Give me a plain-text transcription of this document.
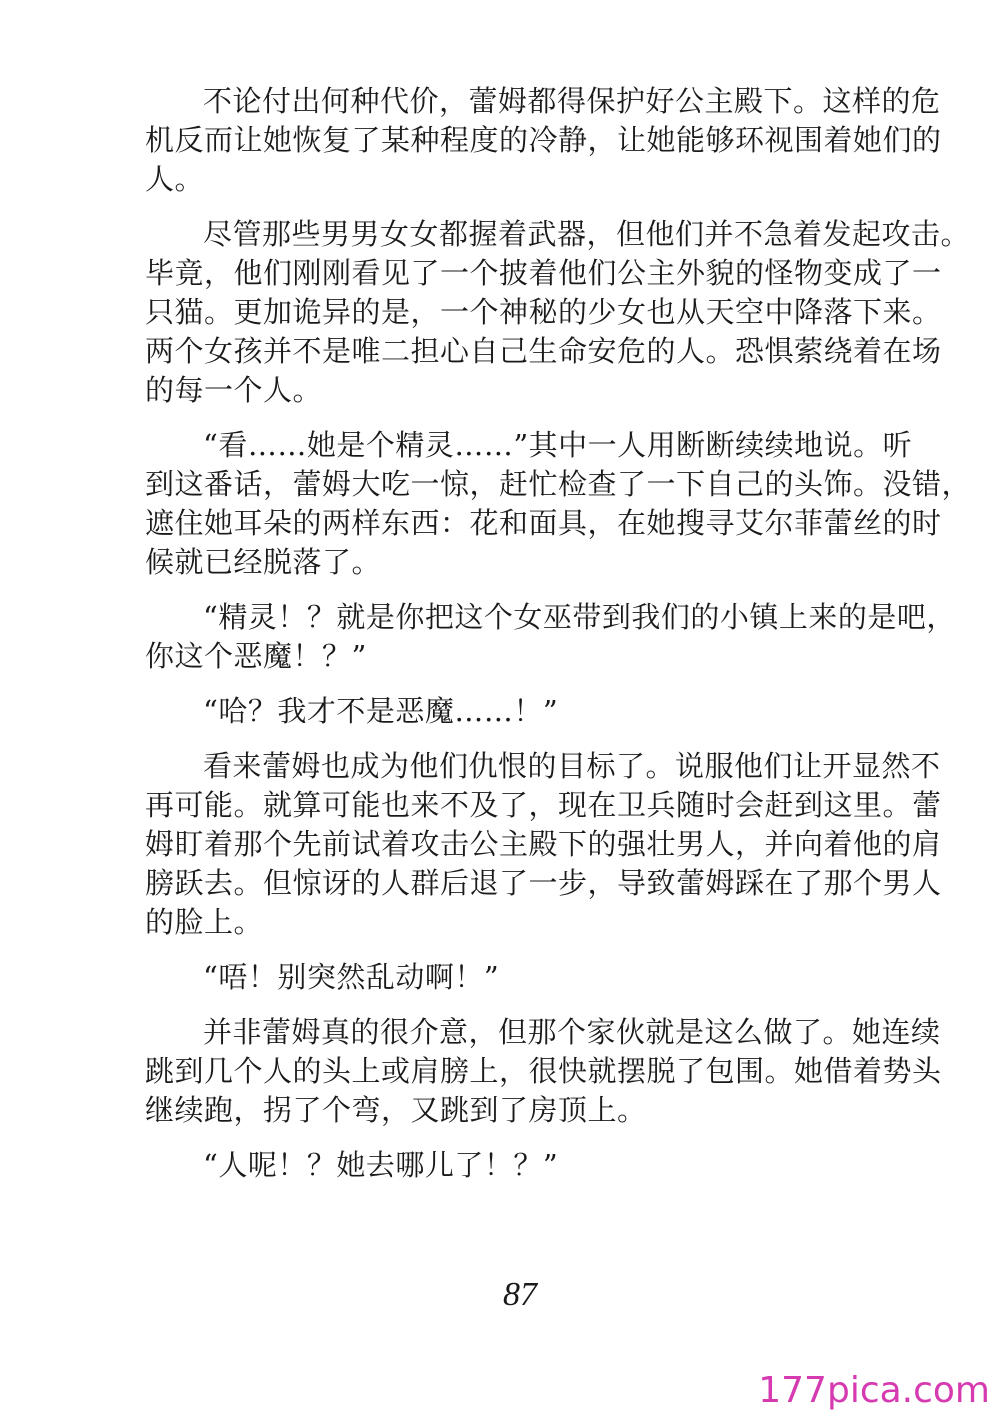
不论付出何种代价，蕾姆都得保护好公主殿下。这样的危
机反而让她恢复了某种程度的冷静，让她能够环视围着她们的
人。

尽管那些男男女女都握着武器，但他们并不急着发起攻击。
毕竟，他们刚刚看见了一个披着他们公主外貌的怪物变成了一
只猫。更加诡异的是，一个神秘的少女也从天空中降落下来。
两个女孩并不是唯二担心自己生命安危的人。恐惧萦绕着在场
的每一个人。

“看……她是个精灵……”其中一人用断断续续地说。听
到这番话，蕾姆大吃一惊，赶忙检查了一下自己的头饰。没错，
遮住她耳朵的两样东西：花和面具，在她搜寻艾尔菲蕾丝的时
候就已经脱落了。

“精灵！？就是你把这个女巫带到我们的小镇上来的是吧，
你这个恶魔！？”

“哈？我才不是恶魔……！”

看来蕾姆也成为他们仇恨的目标了。说服他们让开显然不
再可能。就算可能也来不及了，现在卫兵随时会赶到这里。蕾
姆盯着那个先前试着攻击公主殿下的强壮男人，并向着他的肩
膀跃去。但惊讶的人群后退了一步，导致蕾姆踩在了那个男人
的脸上。

“唔！别突然乱动啊！”

并非蕾姆真的很介意，但那个家伙就是这么做了。她连续
跳到几个人的头上或肩膀上，很快就摆脱了包围。她借着势头
继续跑，拐了个弯，又跳到了房顶上。

“人呢！？她去哪儿了！？”

87
177pica.com
